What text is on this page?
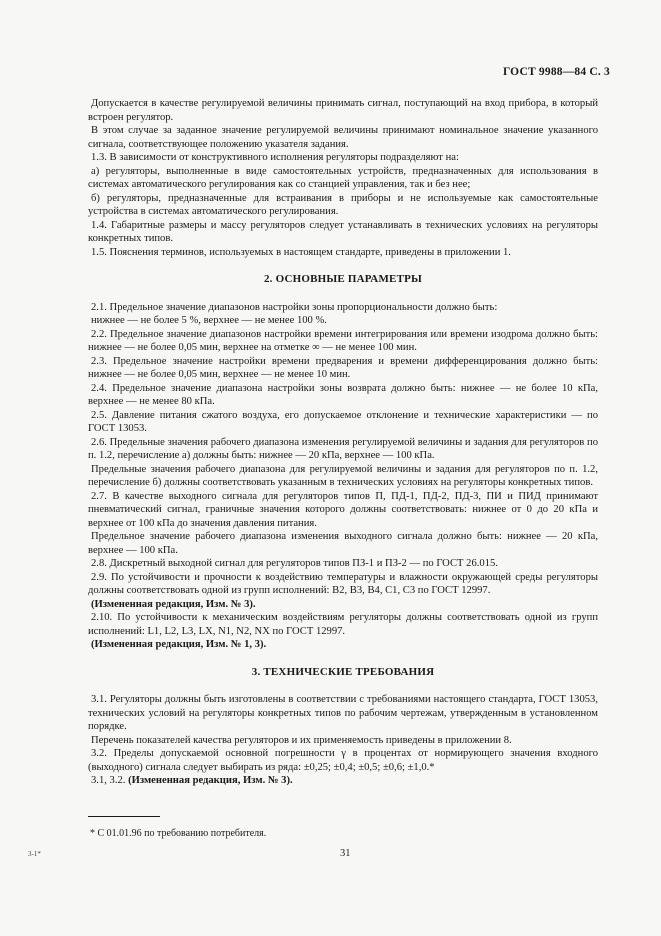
ГОСТ 9988—84 С. 3

Допускается в качестве регулируемой величины принимать сигнал, поступающий на вход прибора, в который встроен регулятор.

В этом случае за заданное значение регулируемой величины принимают номинальное значение указанного сигнала, соответствующее положению указателя задания.

1.3. В зависимости от конструктивного исполнения регуляторы подразделяют на:

а) регуляторы, выполненные в виде самостоятельных устройств, предназначенных для использования в системах автоматического регулирования как со станцией управления, так и без нее;

б) регуляторы, предназначенные для встраивания в приборы и не используемые как самостоятельные устройства в системах автоматического регулирования.

1.4. Габаритные размеры и массу регуляторов следует устанавливать в технических условиях на регуляторы конкретных типов.

1.5. Пояснения терминов, используемых в настоящем стандарте, приведены в приложении 1.

2. ОСНОВНЫЕ ПАРАМЕТРЫ

2.1. Предельное значение диапазонов настройки зоны пропорциональности должно быть:

нижнее — не более 5 %, верхнее — не менее 100 %.

2.2. Предельное значение диапазонов настройки времени интегрирования или времени изодрома должно быть: нижнее — не более 0,05 мин, верхнее на отметке ∞ — не менее 100 мин.

2.3. Предельное значение настройки времени предварения и времени дифференцирования должно быть: нижнее — не более 0,05 мин, верхнее — не менее 10 мин.

2.4. Предельное значение диапазона настройки зоны возврата должно быть: нижнее — не более 10 кПа, верхнее — не менее 80 кПа.

2.5. Давление питания сжатого воздуха, его допускаемое отклонение и технические характеристики — по ГОСТ 13053.

2.6. Предельные значения рабочего диапазона изменения регулируемой величины и задания для регуляторов по п. 1.2, перечисление а) должны быть: нижнее — 20 кПа, верхнее — 100 кПа.

Предельные значения рабочего диапазона для регулируемой величины и задания для регуляторов по п. 1.2, перечисление б) должны соответствовать указанным в технических условиях на регуляторы конкретных типов.

2.7. В качестве выходного сигнала для регуляторов типов П, ПД-1, ПД-2, ПД-3, ПИ и ПИД принимают пневматический сигнал, граничные значения которого должны соответствовать: нижнее от 0 до 20 кПа и верхнее от 100 кПа до значения давления питания.

Предельное значение рабочего диапазона изменения выходного сигнала должно быть: нижнее — 20 кПа, верхнее — 100 кПа.

2.8. Дискретный выходной сигнал для регуляторов типов ПЗ-1 и ПЗ-2 — по ГОСТ 26.015.

2.9. По устойчивости и прочности к воздействию температуры и влажности окружающей среды регуляторы должны соответствовать одной из групп исполнений: В2, В3, В4, С1, С3 по ГОСТ 12997.

(Измененная редакция, Изм. № 3).

2.10. По устойчивости к механическим воздействиям регуляторы должны соответствовать одной из групп исполнений: L1, L2, L3, LX, N1, N2, NX по ГОСТ 12997.

(Измененная редакция, Изм. № 1, 3).

3. ТЕХНИЧЕСКИЕ ТРЕБОВАНИЯ

3.1. Регуляторы должны быть изготовлены в соответствии с требованиями настоящего стандарта, ГОСТ 13053, технических условий на регуляторы конкретных типов по рабочим чертежам, утвержденным в установленном порядке.

Перечень показателей качества регуляторов и их применяемость приведены в приложении 8.

3.2. Пределы допускаемой основной погрешности γ в процентах от нормирующего значения входного (выходного) сигнала следует выбирать из ряда: ±0,25; ±0,4; ±0,5; ±0,6; ±1,0.*

3.1, 3.2. (Измененная редакция, Изм. № 3).

* С 01.01.96 по требованию потребителя.
3-1*	31
